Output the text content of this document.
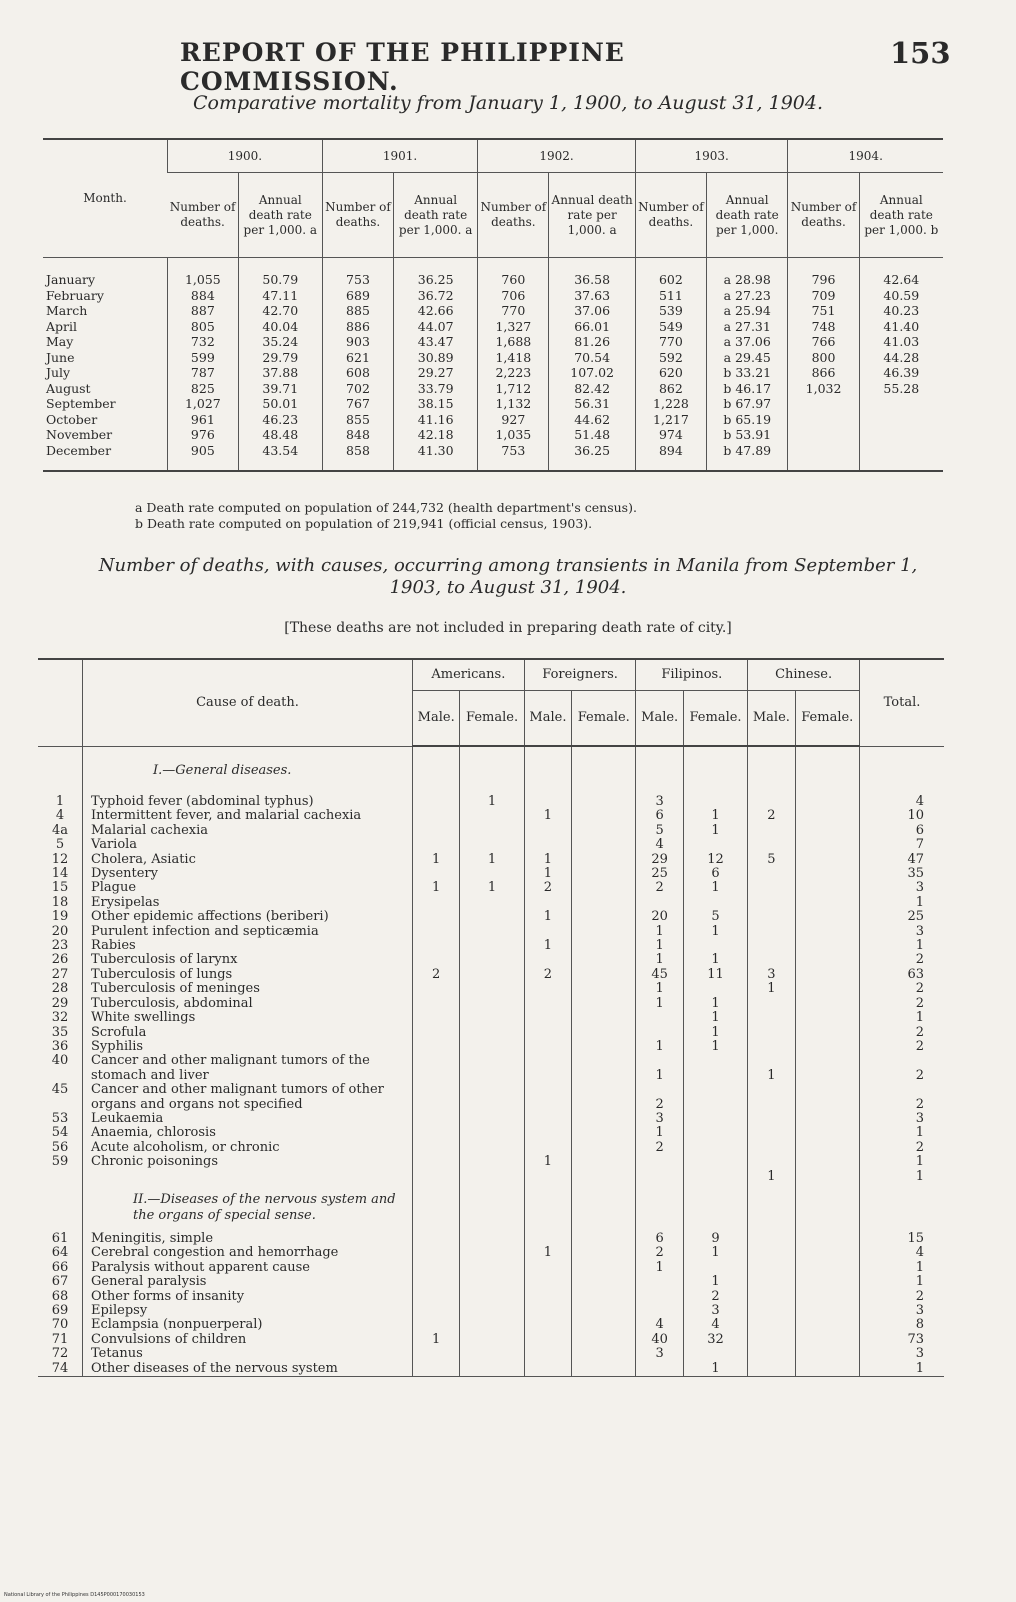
REPORT OF THE PHILIPPINE COMMISSION.
153
Comparative mortality from January 1, 1900, to August 31, 1904.
Month.	1900.		1901.		1902.		1903.		1904.	
	Number of deaths.	Annual death rate per 1,000. a	Number of deaths.	Annual death rate per 1,000. a	Number of deaths.	Annual death rate per 1,000. a	Number of deaths.	Annual death rate per 1,000.	Number of deaths.	Annual death rate per 1,000. b
January	1,055	50.79	753	36.25	760	36.58	602	a 28.98	796	42.64
February	884	47.11	689	36.72	706	37.63	511	a 27.23	709	40.59
March	887	42.70	885	42.66	770	37.06	539	a 25.94	751	40.23
April	805	40.04	886	44.07	1,327	66.01	549	a 27.31	748	41.40
May	732	35.24	903	43.47	1,688	81.26	770	a 37.06	766	41.03
June	599	29.79	621	30.89	1,418	70.54	592	a 29.45	800	44.28
July	787	37.88	608	29.27	2,223	107.02	620	b 33.21	866	46.39
August	825	39.71	702	33.79	1,712	82.42	862	b 46.17	1,032	55.28
September	1,027	50.01	767	38.15	1,132	56.31	1,228	b 67.97		
October	961	46.23	855	41.16	927	44.62	1,217	b 65.19		
November	976	48.48	848	42.18	1,035	51.48	974	b 53.91		
December	905	43.54	858	41.30	753	36.25	894	b 47.89		
a Death rate computed on population of 244,732 (health department's census).
b Death rate computed on population of 219,941 (official census, 1903).
Number of deaths, with causes, occurring among transients in Manila from September 1,
1903, to August 31, 1904.
[These deaths are not included in preparing death rate of city.]
	Cause of death.	Americans.		Foreigners.		Filipinos.		Chinese.		Total.
		Male.	Female.	Male.	Female.	Male.	Female.	Male.	Female.	
	I.—General diseases.									
1	Typhoid fever (abdominal typhus)		1			3				4
4	Intermittent fever, and malarial cachexia			1		6	1	2		10
4a	Malarial cachexia					5	1			6
5	Variola					4				7
12	Cholera, Asiatic	1	1	1		29	12	5		47
14	Dysentery			1		25	6			35
15	Plague	1	1	2		2	1			3
18	Erysipelas									1
19	Other epidemic affections (beriberi)			1		20	5			25
20	Purulent infection and septicæmia					1	1			3
23	Rabies			1		1				1
26	Tuberculosis of larynx					1	1			2
27	Tuberculosis of lungs	2		2		45	11	3		63
28	Tuberculosis of meninges					1		1		2
29	Tuberculosis, abdominal					1	1			2
32	White swellings						1			1
35	Scrofula						1			2
36	Syphilis					1	1			2
40	Cancer and other malignant tumors of the stomach and liver					1		1		2
45	Cancer and other malignant tumors of other organs and organs not specified					2				2
53	Leukaemia					3				3
54	Anaemia, chlorosis					1				1
56	Acute alcoholism, or chronic					2				2
59	Chronic poisonings			1						1
								1		1
	II.—Diseases of the nervous system and the organs of special sense.									
61	Meningitis, simple					6	9			15
64	Cerebral congestion and hemorrhage			1		2	1			4
66	Paralysis without apparent cause					1				1
67	General paralysis						1			1
68	Other forms of insanity						2			2
69	Epilepsy						3			3
70	Eclampsia (nonpuerperal)					4	4			8
71	Convulsions of children	1				40	32			73
72	Tetanus					3				3
74	Other diseases of the nervous system						1			1
National Library of the Philippines D145P000170030153
